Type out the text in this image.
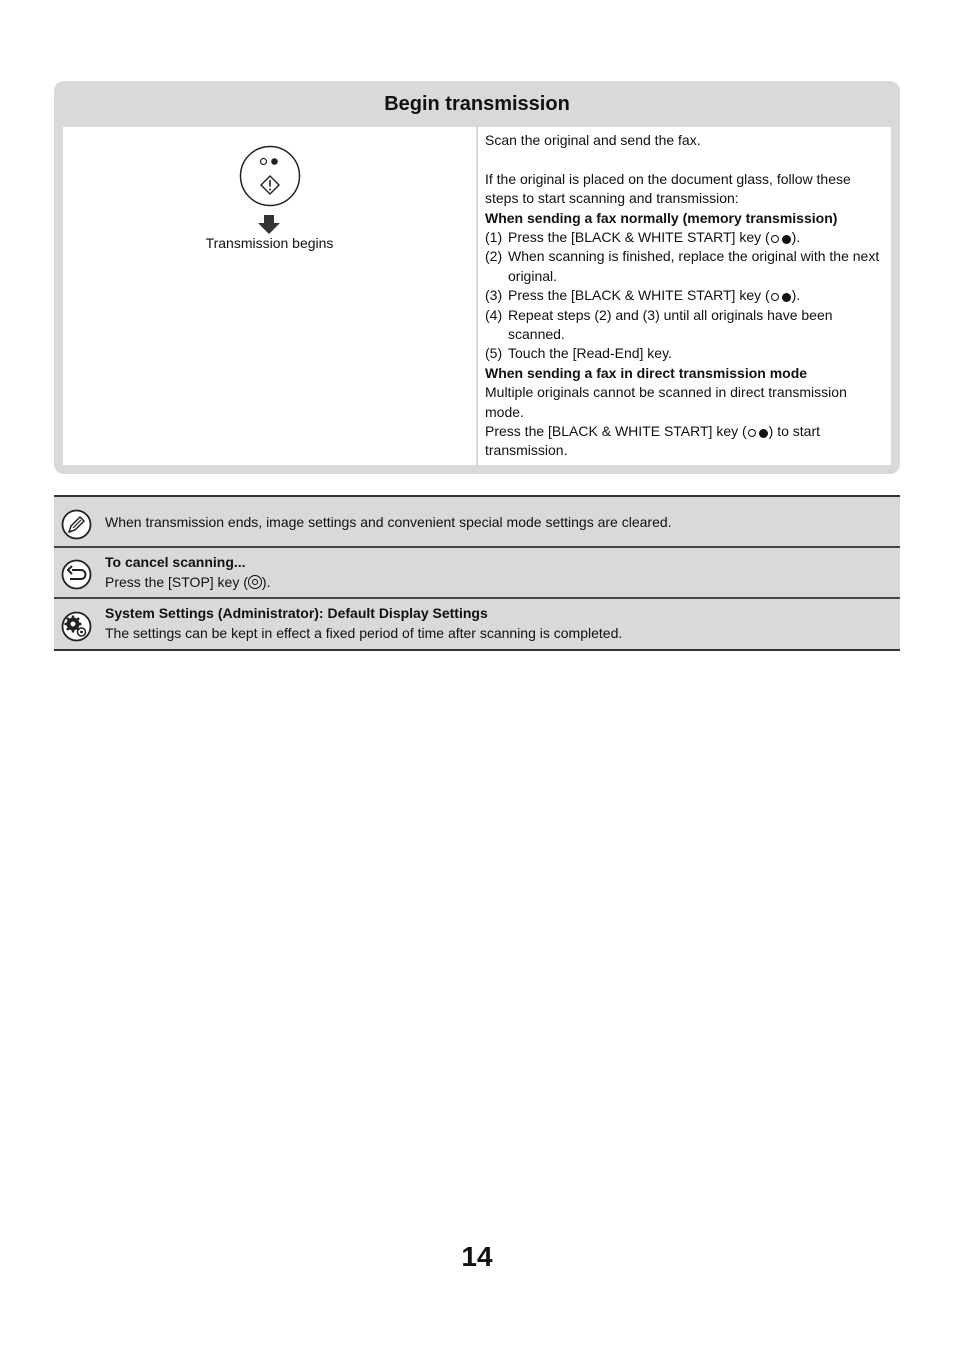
Begin transmission
Transmission begins

Scan the original and send the fax.

If the original is placed on the document glass, follow these steps to start scanning and transmission:

When sending a fax normally (memory transmission)

(1) Press the [BLACK & WHITE START] key ( ).
(2) When scanning is finished, replace the original with the next original.
(3) Press the [BLACK & WHITE START] key ( ).
(4) Repeat steps (2) and (3) until all originals have been scanned.
(5) Touch the [Read-End] key.

When sending a fax in direct transmission mode

Multiple originals cannot be scanned in direct transmission mode.

Press the [BLACK & WHITE START] key ( ) to start transmission.

When transmission ends, image settings and convenient special mode settings are cleared.
To cancel scanning...
Press the [STOP] key ( ).
System Settings (Administrator): Default Display Settings
The settings can be kept in effect a fixed period of time after scanning is completed.
14
